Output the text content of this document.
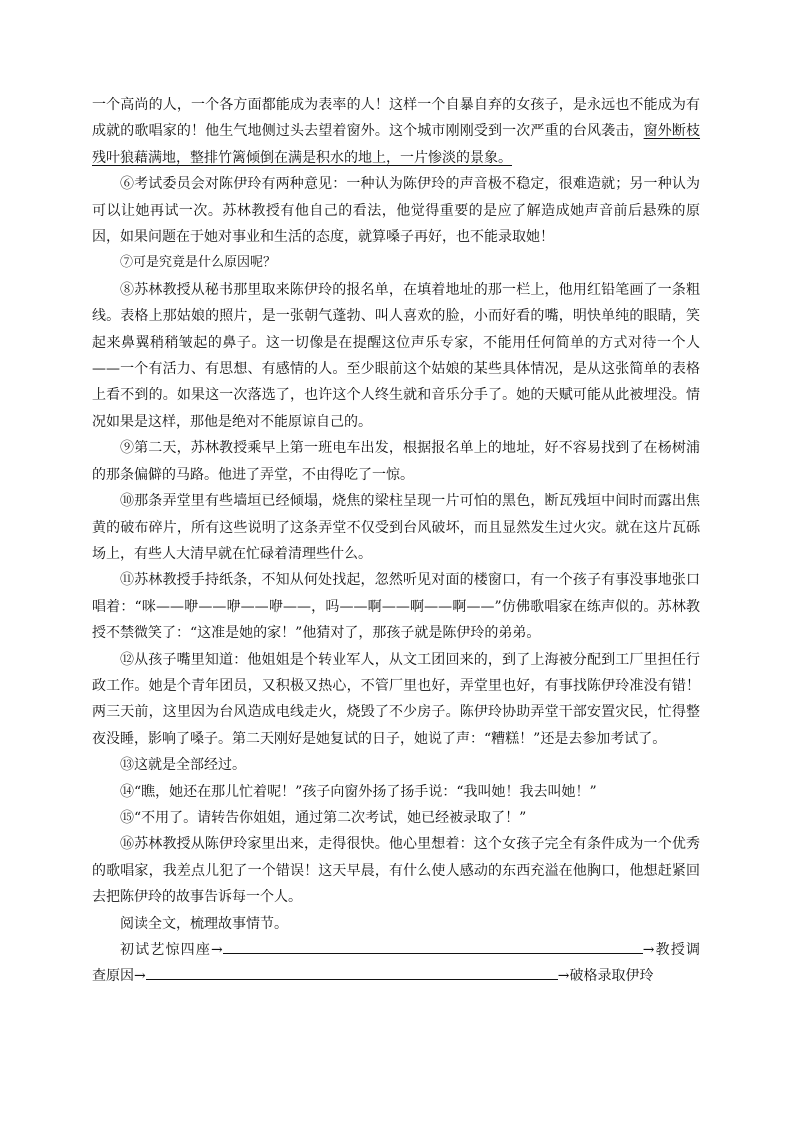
一个高尚的人，一个各方面都能成为表率的人！这样一个自暴自弃的女孩子，是永远也不能成为有成就的歌唱家的！他生气地侧过头去望着窗外。这个城市刚刚受到一次严重的台风袭击，窗外断枝残叶狼藉满地，整排竹篱倾倒在满是积水的地上，一片惨淡的景象。

⑥考试委员会对陈伊玲有两种意见：一种认为陈伊玲的声音极不稳定，很难造就；另一种认为可以让她再试一次。苏林教授有他自己的看法，他觉得重要的是应了解造成她声音前后悬殊的原因，如果问题在于她对事业和生活的态度，就算嗓子再好，也不能录取她！

⑦可是究竟是什么原因呢？

⑧苏林教授从秘书那里取来陈伊玲的报名单，在填着地址的那一栏上，他用红铅笔画了一条粗线。表格上那姑娘的照片，是一张朝气蓬勃、叫人喜欢的脸，小而好看的嘴，明快单纯的眼睛，笑起来鼻翼稍稍皱起的鼻子。这一切像是在提醒这位声乐专家，不能用任何简单的方式对待一个人——一个有活力、有思想、有感情的人。至少眼前这个姑娘的某些具体情况，是从这张简单的表格上看不到的。如果这一次落选了，也许这个人终生就和音乐分手了。她的天赋可能从此被埋没。情况如果是这样，那他是绝对不能原谅自己的。

⑨第二天，苏林教授乘早上第一班电车出发，根据报名单上的地址，好不容易找到了在杨树浦的那条偏僻的马路。他进了弄堂，不由得吃了一惊。

⑩那条弄堂里有些墙垣已经倾塌，烧焦的梁柱呈现一片可怕的黑色，断瓦残垣中间时而露出焦黄的破布碎片，所有这些说明了这条弄堂不仅受到台风破坏，而且显然发生过火灾。就在这片瓦砾场上，有些人大清早就在忙碌着清理些什么。

⑪苏林教授手持纸条，不知从何处找起，忽然听见对面的楼窗口，有一个孩子有事没事地张口唱着：“咪——咿——咿——咿——，吗——啊——啊——啊——”仿佛歌唱家在练声似的。苏林教授不禁微笑了：“这准是她的家！”他猜对了，那孩子就是陈伊玲的弟弟。

⑫从孩子嘴里知道：他姐姐是个转业军人，从文工团回来的，到了上海被分配到工厂里担任行政工作。她是个青年团员，又积极又热心，不管厂里也好，弄堂里也好，有事找陈伊玲准没有错！两三天前，这里因为台风造成电线走火，烧毁了不少房子。陈伊玲协助弄堂干部安置灾民，忙得整夜没睡，影响了嗓子。第二天刚好是她复试的日子，她说了声：“糟糕！”还是去参加考试了。

⑬这就是全部经过。

⑭“瞧，她还在那儿忙着呢！”孩子向窗外扬了扬手说：“我叫她！我去叫她！”

⑮“不用了。请转告你姐姐，通过第二次考试，她已经被录取了！”

⑯苏林教授从陈伊玲家里出来，走得很快。他心里想着：这个女孩子完全有条件成为一个优秀的歌唱家，我差点儿犯了一个错误！这天早晨，有什么使人感动的东西充溢在他胸口，他想赶紧回去把陈伊玲的故事告诉每一个人。

阅读全文，梳理故事情节。

初试艺惊四座→	→教授调查原因→	→破格录取伊玲
